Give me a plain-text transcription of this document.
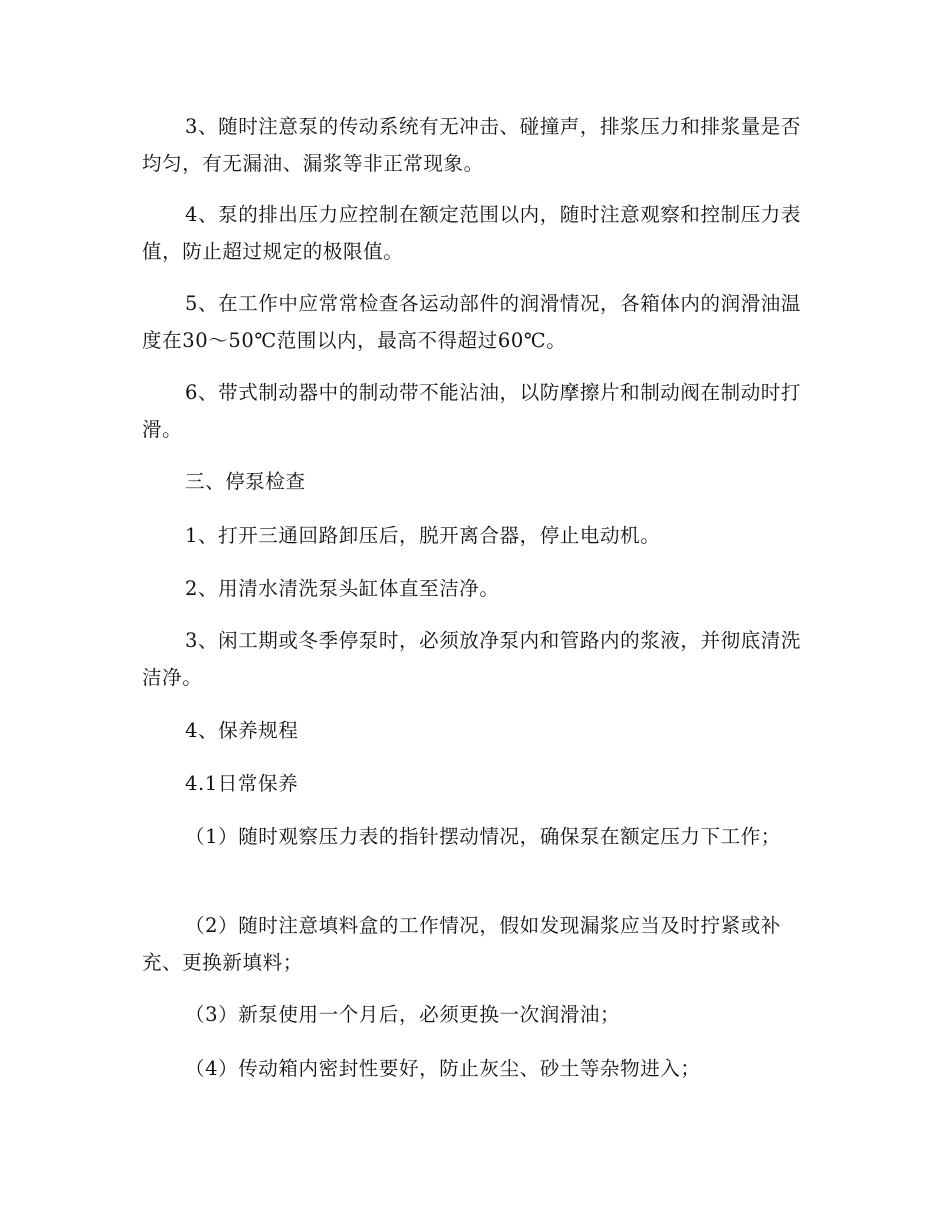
3、随时注意泵的传动系统有无冲击、碰撞声，排浆压力和排浆量是否均匀，有无漏油、漏浆等非正常现象。

4、泵的排出压力应控制在额定范围以内，随时注意观察和控制压力表值，防止超过规定的极限值。

5、在工作中应常常检查各运动部件的润滑情况，各箱体内的润滑油温度在30～50℃范围以内，最高不得超过60℃。

6、带式制动器中的制动带不能沾油，以防摩擦片和制动阀在制动时打滑。

三、停泵检查

1、打开三通回路卸压后，脱开离合器，停止电动机。

2、用清水清洗泵头缸体直至洁净。

3、闲工期或冬季停泵时，必须放净泵内和管路内的浆液，并彻底清洗洁净。

4、保养规程

4.1日常保养

（1）随时观察压力表的指针摆动情况，确保泵在额定压力下工作；

（2）随时注意填料盒的工作情况，假如发现漏浆应当及时拧紧或补充、更换新填料；

（3）新泵使用一个月后，必须更换一次润滑油；

（4）传动箱内密封性要好，防止灰尘、砂土等杂物进入；
